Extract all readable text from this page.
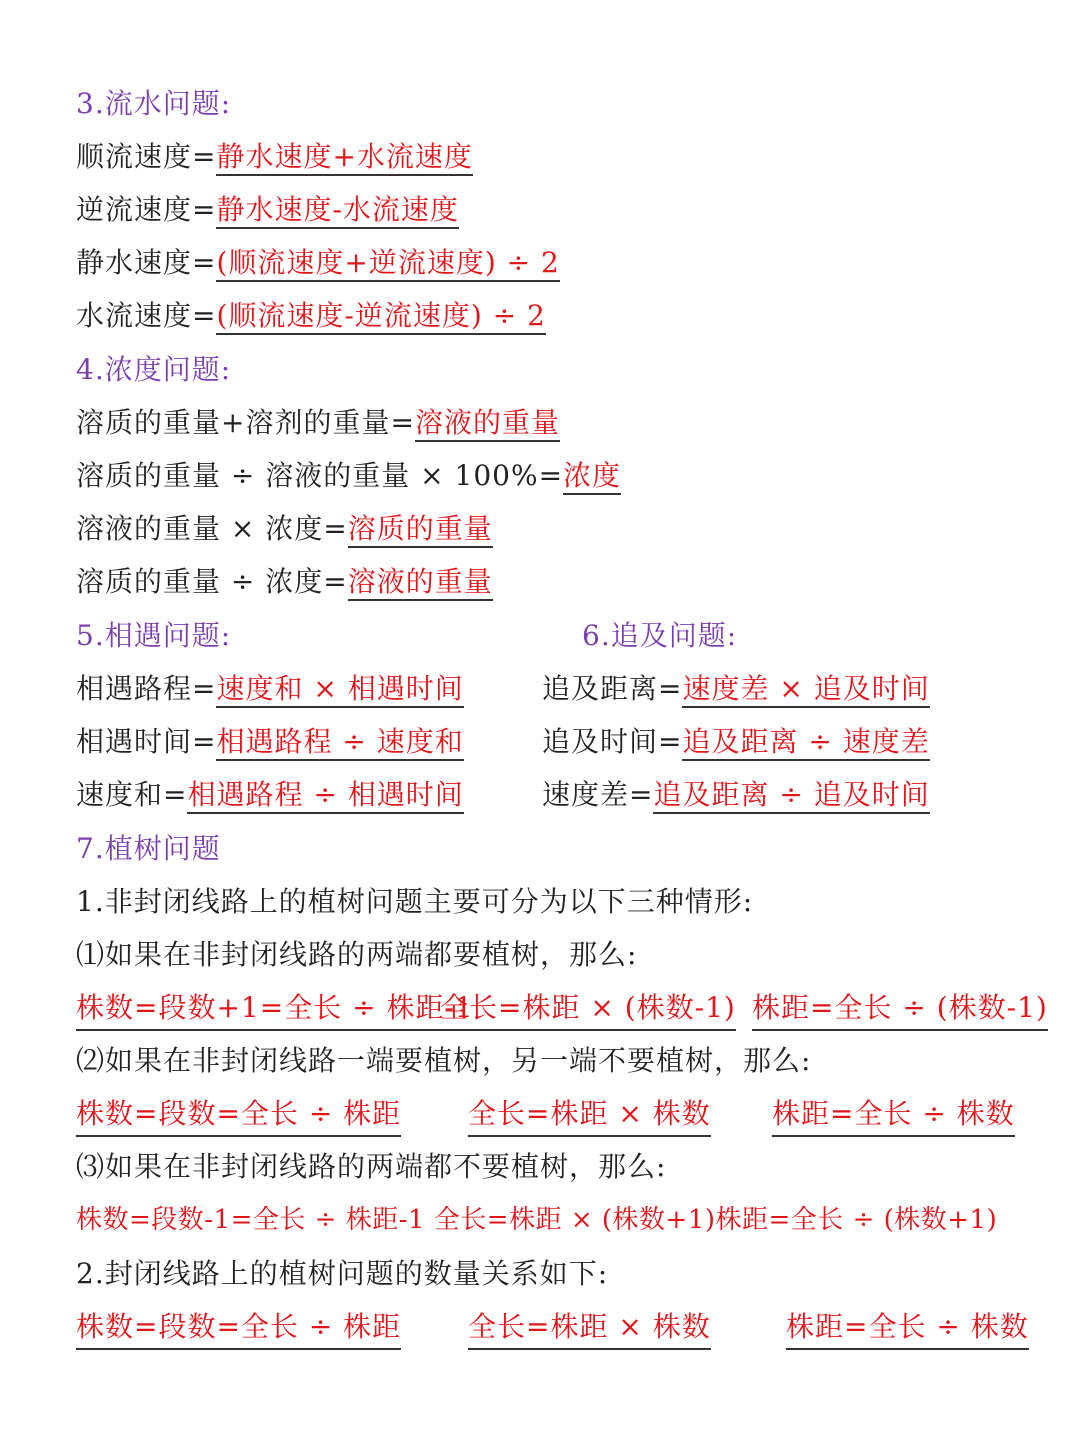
3.流水问题:
顺流速度=静水速度+水流速度
逆流速度=静水速度-水流速度
静水速度=(顺流速度+逆流速度) ÷ 2
水流速度=(顺流速度-逆流速度) ÷ 2
4.浓度问题:
溶质的重量+溶剂的重量=溶液的重量
溶质的重量 ÷ 溶液的重量 × 100%=浓度
溶液的重量 × 浓度=溶质的重量
溶质的重量 ÷ 浓度=溶液的重量
5.相遇问题:	6.追及问题:
相遇路程=速度和 × 相遇时间	追及距离=速度差 × 追及时间
相遇时间=相遇路程 ÷ 速度和	追及时间=追及距离 ÷ 速度差
速度和=相遇路程 ÷ 相遇时间	速度差=追及距离 ÷ 追及时间
7.植树问题
1.非封闭线路上的植树问题主要可分为以下三种情形:
⑴如果在非封闭线路的两端都要植树，那么:
株数=段数+1=全长 ÷ 株距-1
全长=株距 × (株数-1) 株距=全长 ÷ (株数-1)
⑵如果在非封闭线路一端要植树，另一端不要植树，那么:
株数=段数=全长 ÷ 株距 全长=株距 × 株数 株距=全长 ÷ 株数
⑶如果在非封闭线路的两端都不要植树，那么:
株数=段数-1=全长 ÷ 株距-1 全长=株距 × (株数+1)株距=全长 ÷ (株数+1)
2.封闭线路上的植树问题的数量关系如下:
株数=段数=全长 ÷ 株距 全长=株距 × 株数	株距=全长 ÷ 株数
